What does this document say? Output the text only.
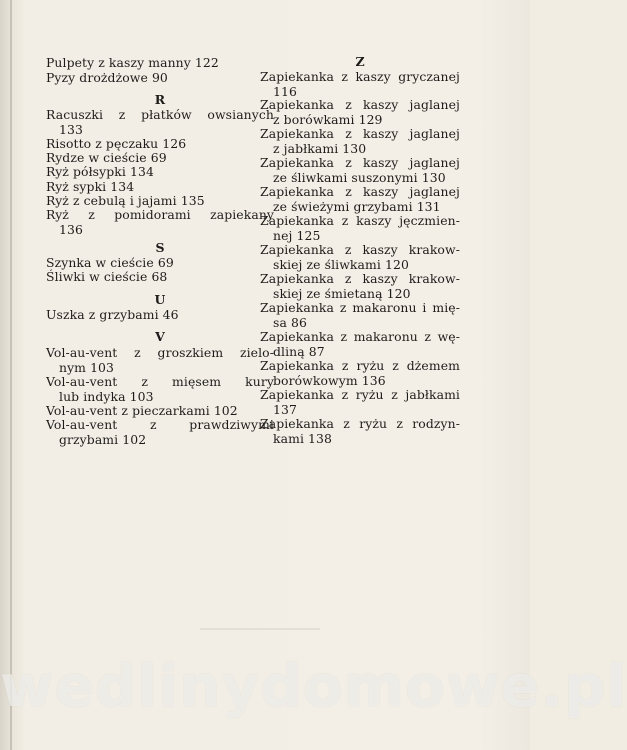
Pulpety z kaszy manny 122
Pyzy drożdżowe 90
R
Racuszki z płatków owsianych
133
Risotto z pęczaku 126
Rydze w cieście 69
Ryż półsypki 134
Ryż sypki 134
Ryż z cebulą i jajami 135
Ryż z pomidorami zapiekany
136
S
Szynka w cieście 69
Śliwki w cieście 68
U
Uszka z grzybami 46
V
Vol-au-vent z groszkiem zielo-
nym 103
Vol-au-vent z mięsem kury
lub indyka 103
Vol-au-vent z pieczarkami 102
Vol-au-vent z prawdziwymi
grzybami 102
Z
Zapiekanka z kaszy gryczanej
116
Zapiekanka z kaszy jaglanej
z borówkami 129
Zapiekanka z kaszy jaglanej
z jabłkami 130
Zapiekanka z kaszy jaglanej
ze śliwkami suszonymi 130
Zapiekanka z kaszy jaglanej
ze świeżymi grzybami 131
Zapiekanka z kaszy jęczmien-
nej 125
Zapiekanka z kaszy krakow-
skiej ze śliwkami 120
Zapiekanka z kaszy krakow-
skiej ze śmietaną 120
Zapiekanka z makaronu i mię-
sa 86
Zapiekanka z makaronu z wę-
dliną 87
Zapiekanka z ryżu z dżemem
borówkowym 136
Zapiekanka z ryżu z jabłkami
137
Zapiekanka z ryżu z rodzyn-
kami 138
wedlinydomowe.pl
